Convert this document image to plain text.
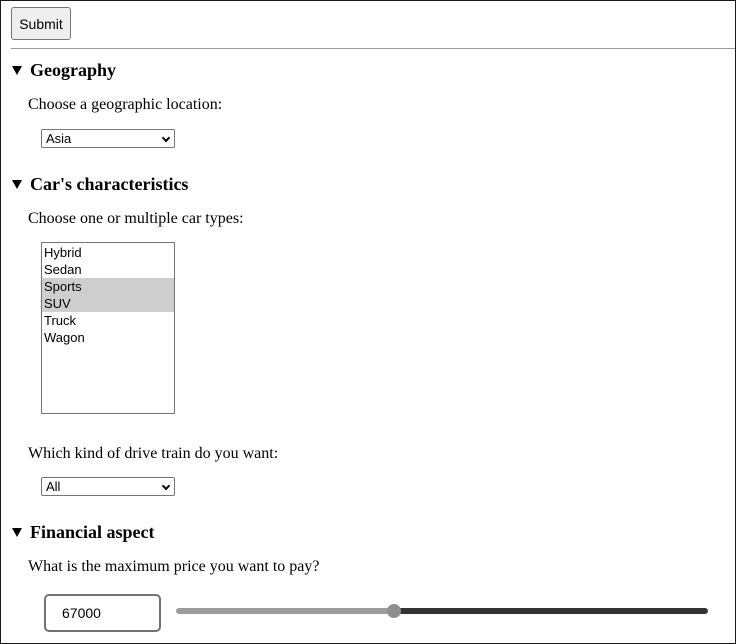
Submit
Geography
Choose a geographic location:
Asia
Car's characteristics
Choose one or multiple car types:
Hybrid
Sedan
Sports
SUV
Truck
Wagon
Which kind of drive train do you want:
All
Financial aspect
What is the maximum price you want to pay?
67000
